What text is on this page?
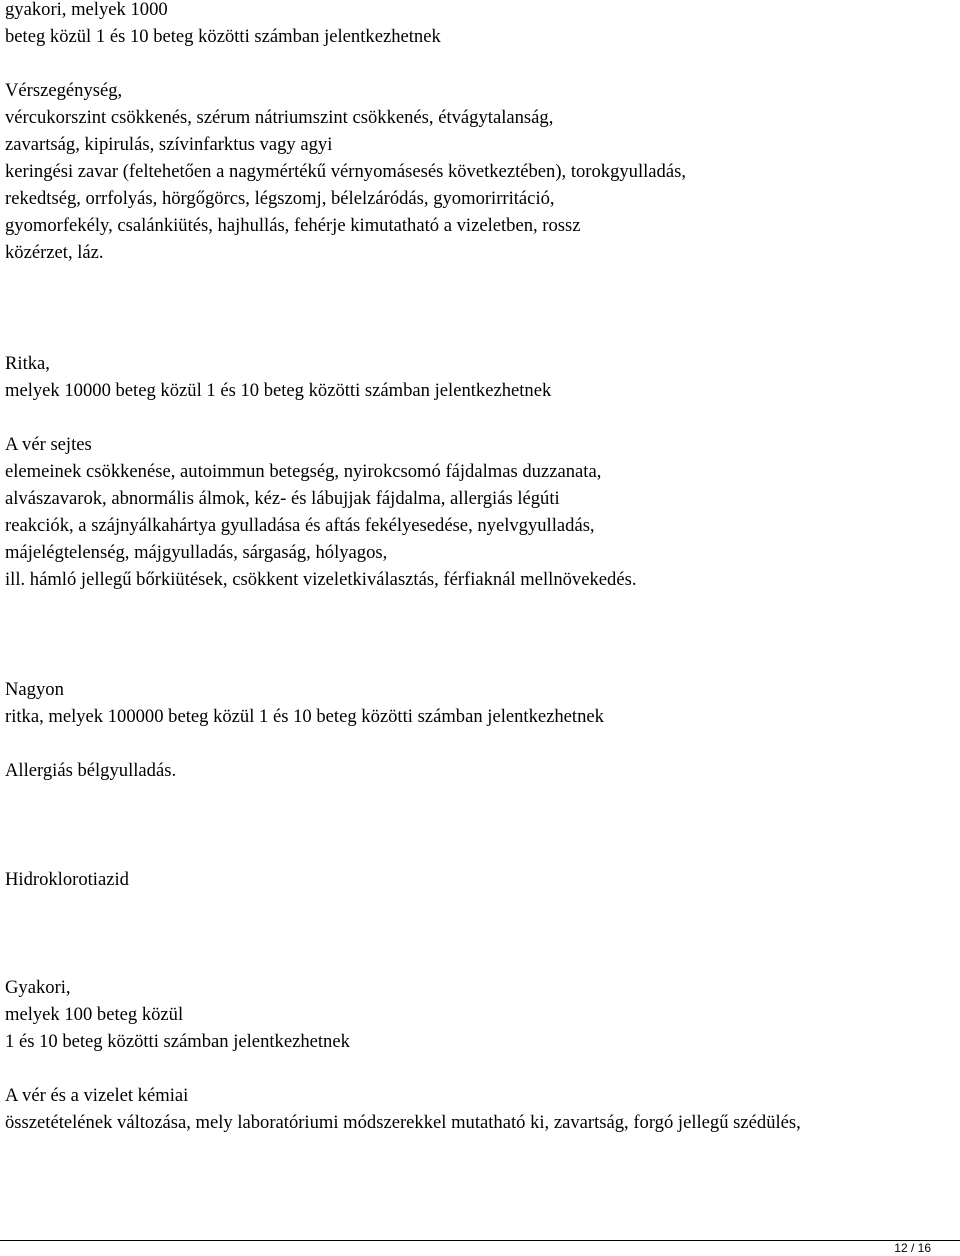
gyakori, melyek 1000
beteg közül 1 és 10 beteg közötti számban jelentkezhetnek

Vérszegénység,
vércukorszint csökkenés, szérum nátriumszint csökkenés, étvágytalanság,
zavartság, kipirulás, szívinfarktus vagy agyi
keringési zavar (feltehetően a nagymértékű vérnyomásesés következtében), torokgyulladás,
rekedtség, orrfolyás, hörgőgörcs, légszomj, bélelzáródás, gyomorirritáció,
gyomorfekély, csalánkiütés, hajhullás, fehérje kimutatható a vizeletben, rossz
közérzet, láz.

Ritka,
melyek 10000 beteg közül 1 és 10 beteg közötti számban jelentkezhetnek

A vér sejtes
elemeinek csökkenése, autoimmun betegség, nyirokcsomó fájdalmas duzzanata,
alvászavarok, abnormális álmok, kéz- és lábujjak fájdalma, allergiás légúti
reakciók, a szájnyálkahártya gyulladása és aftás fekélyesedése, nyelvgyulladás,
májelégtelenség, májgyulladás, sárgaság, hólyagos,
ill. hámló jellegű bőrkiütések, csökkent vizeletkiválasztás, férfiaknál mellnövekedés.

Nagyon
ritka, melyek 100000 beteg közül 1 és 10 beteg közötti számban jelentkezhetnek

Allergiás bélgyulladás.

Hidroklorotiazid

Gyakori,
melyek 100 beteg közül
1 és 10 beteg közötti számban jelentkezhetnek

A vér és a vizelet kémiai
összetételének változása, mely laboratóriumi módszerekkel mutatható ki, zavartság, forgó jellegű szédülés,

12 / 16
